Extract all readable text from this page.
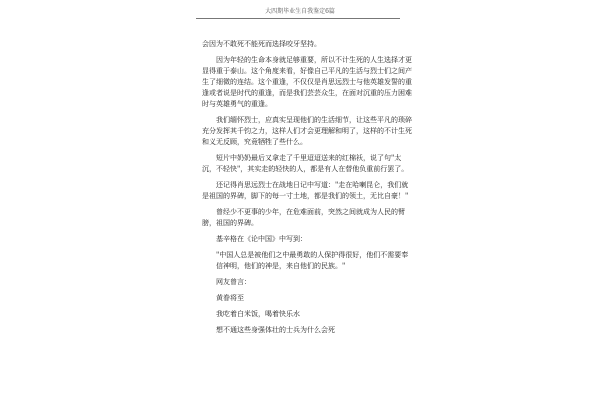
大四期毕业生自我鉴定6篇

会因为不敢死不能死而选择咬牙坚持。

因为年轻的生命本身就足够重要，所以不计生死的人生选择才更显得重于泰山。这个角度来看，好像自己平凡的生活与烈士们之间产生了细微的连结。这个重逢，不仅仅是肖思远烈士与他英雄发誓的重逢或者说是时代的重逢，而是我们芸芸众生，在面对沉重的压力困难时与英雄勇气的重逢。

我们缅怀烈士，应真实呈现他们的生活细节，让这些平凡的琐碎充分发挥其千钧之力，这样人们才会更理解和明了，这样的不计生死和义无反顾，究竟牺牲了些什么。

短片中奶奶最后又拿走了千里迢迢送来的红棉袄，说了句"太沉，不轻快"，其实走的轻快的人，都是有人在替他负重前行罢了。

还记得肖思远烈士在战地日记中写道："走在哈喇昆仑，我们就是祖国的界碑，脚下的每一寸土地，都是我们的领土，无比自豪！"

曾经少不更事的少年，在危难面前，突然之间就成为人民的臂膀，祖国的界碑。

基辛格在《论中国》中写到：

"中国人总是被他们之中最勇敢的人保护得很好，他们不需要奉信神明，他们的神是，来自他们的民族。"

网友曾言：

黄眷将至

我吃着白米饭，喝着快乐水

想不通这些身强体壮的士兵为什么会死
